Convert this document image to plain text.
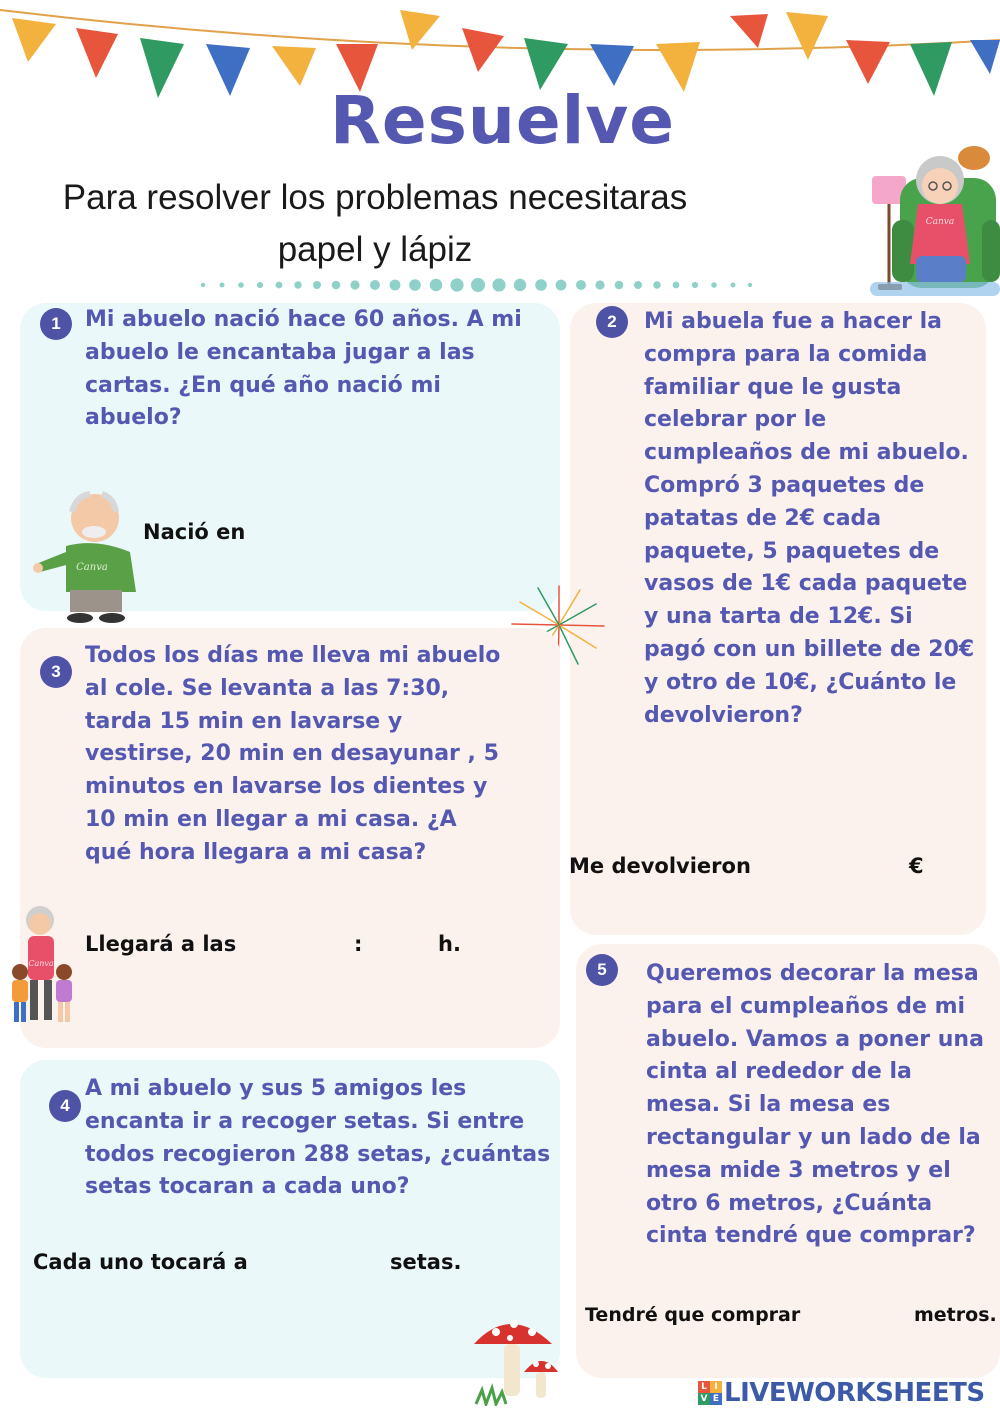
Resuelve

Para resolver los problemas necesitaras
papel y lápiz

Canva
1	Mi abuelo nació hace 60 años. A mi abuelo le encantaba jugar a las cartas. ¿En qué año nació mi abuelo?

Nació en
Canva
2	Mi abuela fue a hacer la compra para la comida familiar que le gusta celebrar por le cumpleaños de mi abuelo. Compró 3 paquetes de patatas de 2€ cada paquete, 5 paquetes de vasos de 1€ cada paquete y una tarta de 12€. Si pagó con un billete de 20€ y otro de 10€, ¿Cuánto le devolvieron?

Me devolvieron	€
3

Todos los días me lleva mi abuelo al cole. Se levanta a las 7:30, tarda 15 min en lavarse y vestirse, 20 min en desayunar , 5 minutos en lavarse los dientes y 10 min en llegar a mi casa. ¿A qué hora llegara a mi casa?

Llegará a las	:	h.
Canva
4

A mi abuelo y sus 5 amigos les encanta ir a recoger setas. Si entre todos recogieron 288 setas, ¿cuántas setas tocaran a cada uno?

Cada uno tocará a	setas.
5	Queremos decorar la mesa para el cumpleaños de mi abuelo. Vamos a poner una cinta al rededor de la mesa. Si la mesa es rectangular y un lado de la mesa mide 3 metros y el otro 6 metros, ¿Cuánta cinta tendré que comprar?

Tendré que comprar	metros.
L I
V E LIVEWORKSHEETS
